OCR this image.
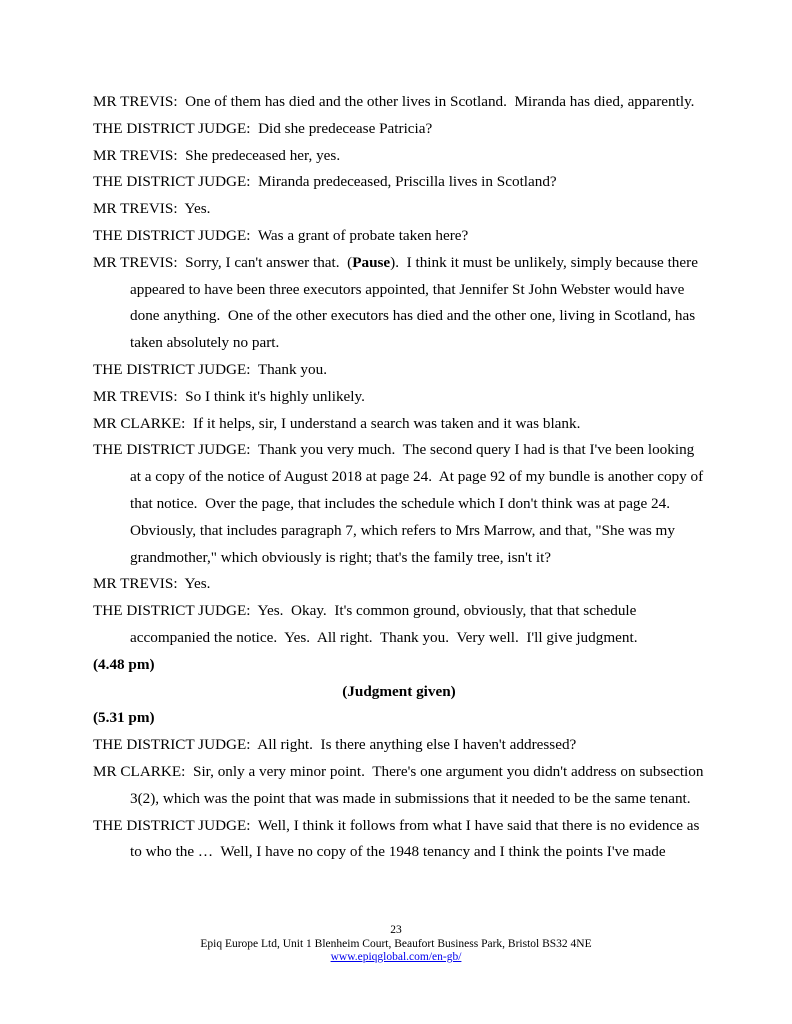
MR TREVIS:  One of them has died and the other lives in Scotland.  Miranda has died, apparently.
THE DISTRICT JUDGE:  Did she predecease Patricia?
MR TREVIS:  She predeceased her, yes.
THE DISTRICT JUDGE:  Miranda predeceased, Priscilla lives in Scotland?
MR TREVIS:  Yes.
THE DISTRICT JUDGE:  Was a grant of probate taken here?
MR TREVIS:  Sorry, I can't answer that.  (Pause).  I think it must be unlikely, simply because there appeared to have been three executors appointed, that Jennifer St John Webster would have done anything.  One of the other executors has died and the other one, living in Scotland, has taken absolutely no part.
THE DISTRICT JUDGE:  Thank you.
MR TREVIS:  So I think it's highly unlikely.
MR CLARKE:  If it helps, sir, I understand a search was taken and it was blank.
THE DISTRICT JUDGE:  Thank you very much.  The second query I had is that I've been looking at a copy of the notice of August 2018 at page 24.  At page 92 of my bundle is another copy of that notice.  Over the page, that includes the schedule which I don't think was at page 24.  Obviously, that includes paragraph 7, which refers to Mrs Marrow, and that, "She was my grandmother," which obviously is right; that's the family tree, isn't it?
MR TREVIS:  Yes.
THE DISTRICT JUDGE:  Yes.  Okay.  It's common ground, obviously, that that schedule accompanied the notice.  Yes.  All right.  Thank you.  Very well.  I'll give judgment.
(4.48 pm)
(Judgment given)
(5.31 pm)
THE DISTRICT JUDGE:  All right.  Is there anything else I haven't addressed?
MR CLARKE:  Sir, only a very minor point.  There's one argument you didn't address on subsection 3(2), which was the point that was made in submissions that it needed to be the same tenant.
THE DISTRICT JUDGE:  Well, I think it follows from what I have said that there is no evidence as to who the …  Well, I have no copy of the 1948 tenancy and I think the points I've made
23
Epiq Europe Ltd, Unit 1 Blenheim Court, Beaufort Business Park, Bristol BS32 4NE
www.epiqglobal.com/en-gb/
